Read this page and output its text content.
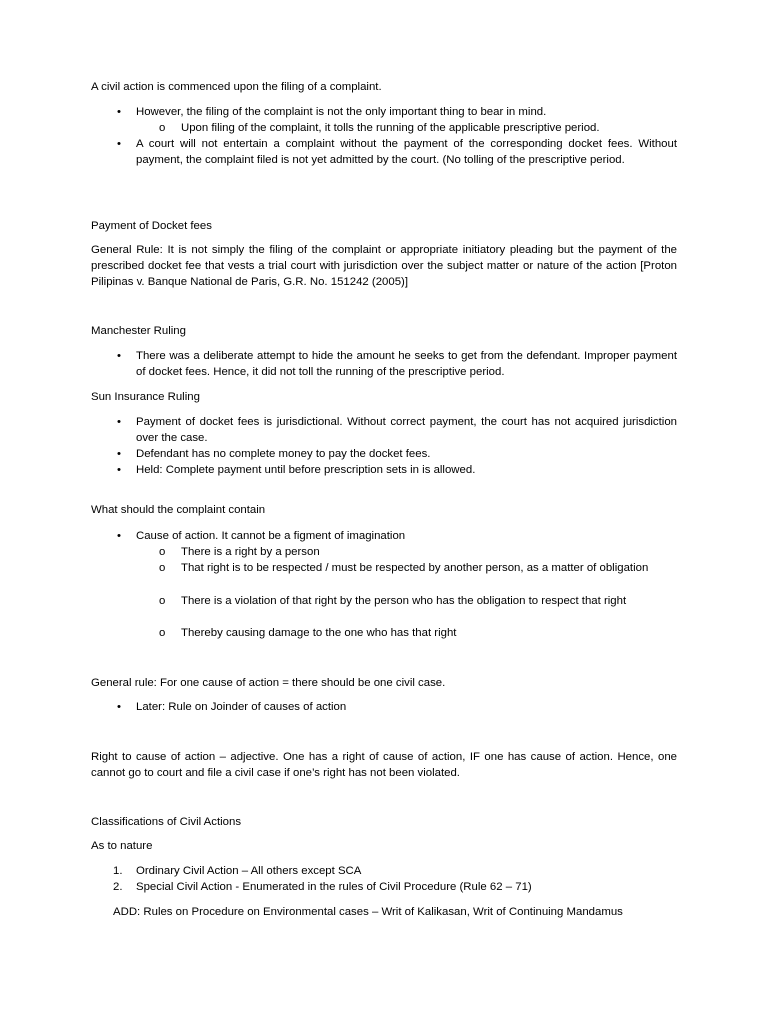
A civil action is commenced upon the filing of a complaint.
• However, the filing of the complaint is not the only important thing to bear in mind.
o Upon filing of the complaint, it tolls the running of the applicable prescriptive period.
• A court will not entertain a complaint without the payment of the corresponding docket fees. Without payment, the complaint filed is not yet admitted by the court. (No tolling of the prescriptive period.
Payment of Docket fees
General Rule: It is not simply the filing of the complaint or appropriate initiatory pleading but the payment of the prescribed docket fee that vests a trial court with jurisdiction over the subject matter or nature of the action [Proton Pilipinas v. Banque National de Paris, G.R. No. 151242 (2005)]
Manchester Ruling
• There was a deliberate attempt to hide the amount he seeks to get from the defendant. Improper payment of docket fees. Hence, it did not toll the running of the prescriptive period.
Sun Insurance Ruling
• Payment of docket fees is jurisdictional. Without correct payment, the court has not acquired jurisdiction over the case.
• Defendant has no complete money to pay the docket fees.
• Held: Complete payment until before prescription sets in is allowed.
What should the complaint contain
• Cause of action. It cannot be a figment of imagination
o There is a right by a person
o That right is to be respected / must be respected by another person, as a matter of obligation
o There is a violation of that right by the person who has the obligation to respect that right
o Thereby causing damage to the one who has that right
General rule: For one cause of action = there should be one civil case.
• Later: Rule on Joinder of causes of action
Right to cause of action – adjective. One has a right of cause of action, IF one has cause of action. Hence, one cannot go to court and file a civil case if one’s right has not been violated.
Classifications of Civil Actions
As to nature
1. Ordinary Civil Action – All others except SCA
2. Special Civil Action - Enumerated in the rules of Civil Procedure (Rule 62 – 71)
ADD: Rules on Procedure on Environmental cases – Writ of Kalikasan, Writ of Continuing Mandamus
